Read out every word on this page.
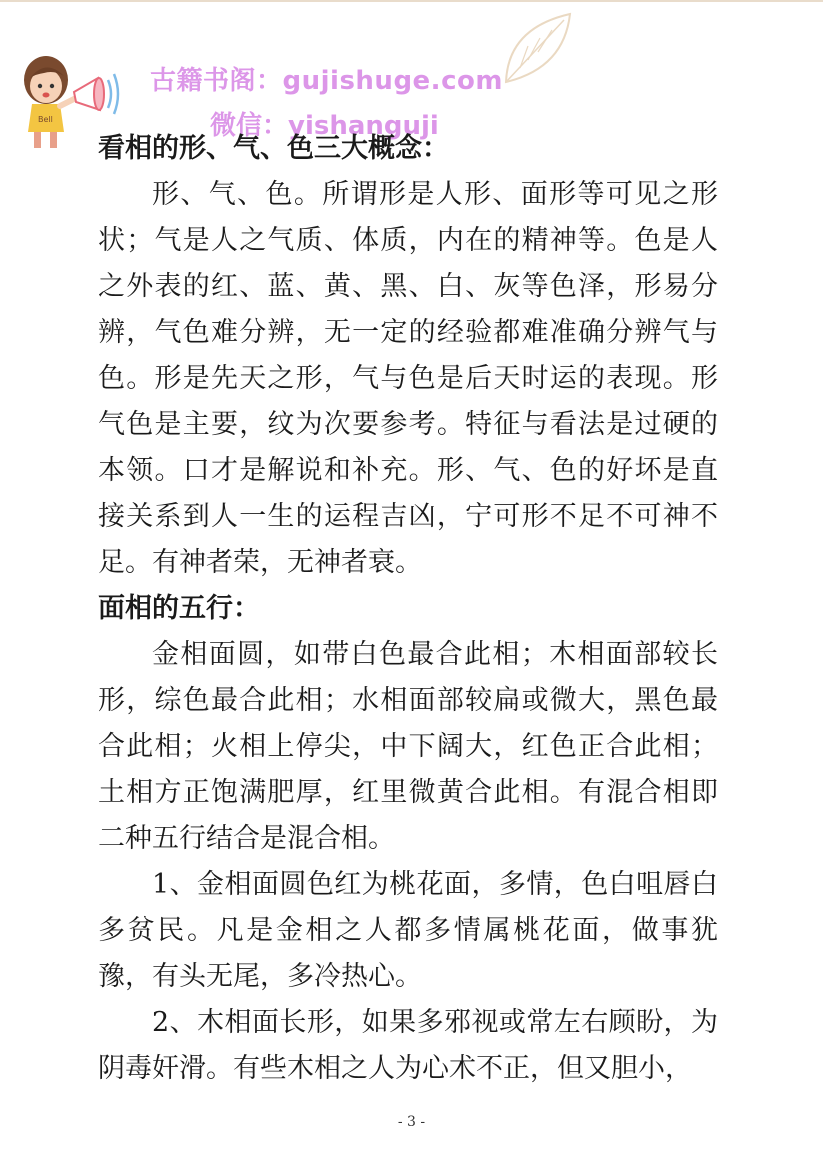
Bell
古籍书阁：gujishuge.com
微信：yishanguji
看相的形、气、色三大概念：

形、气、色。所谓形是人形、面形等可见之形状；气是人之气质、体质，内在的精神等。色是人之外表的红、蓝、黄、黑、白、灰等色泽，形易分辨，气色难分辨，无一定的经验都难准确分辨气与色。形是先天之形，气与色是后天时运的表现。形气色是主要，纹为次要参考。特征与看法是过硬的本领。口才是解说和补充。形、气、色的好坏是直接关系到人一生的运程吉凶，宁可形不足不可神不足。有神者荣，无神者衰。

面相的五行：

金相面圆，如带白色最合此相；木相面部较长形，综色最合此相；水相面部较扁或微大，黑色最合此相；火相上停尖，中下阔大，红色正合此相；土相方正饱满肥厚，红里微黄合此相。有混合相即二种五行结合是混合相。

1、金相面圆色红为桃花面，多情，色白咀唇白多贫民。凡是金相之人都多情属桃花面，做事犹豫，有头无尾，多冷热心。

2、木相面长形，如果多邪视或常左右顾盼，为阴毒奸滑。有些木相之人为心术不正，但又胆小，

- 3 -
